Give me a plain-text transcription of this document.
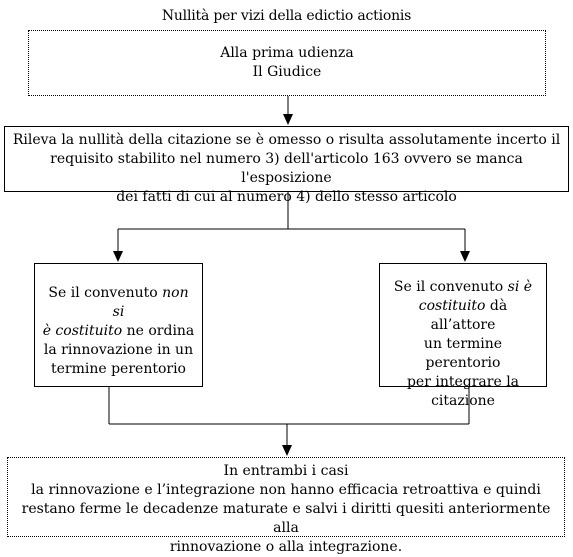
Nullità per vizi della edictio actionis
Alla prima udienza
Il Giudice
Rileva la nullità della citazione se è omesso o risulta assolutamente incerto il
requisito stabilito nel numero 3) dell'articolo 163 ovvero se manca l'esposizione
dei fatti di cui al numero 4) dello stesso articolo
Se il convenuto non si
è costituito ne ordina
la rinnovazione in un
termine perentorio
Se il convenuto si è
costituito dà all’attore
un termine perentorio
per integrare la
citazione
In entrambi i casi
la rinnovazione e l’integrazione non hanno efficacia retroattiva e quindi
restano ferme le decadenze maturate e salvi i diritti quesiti anteriormente alla
rinnovazione o alla integrazione.
